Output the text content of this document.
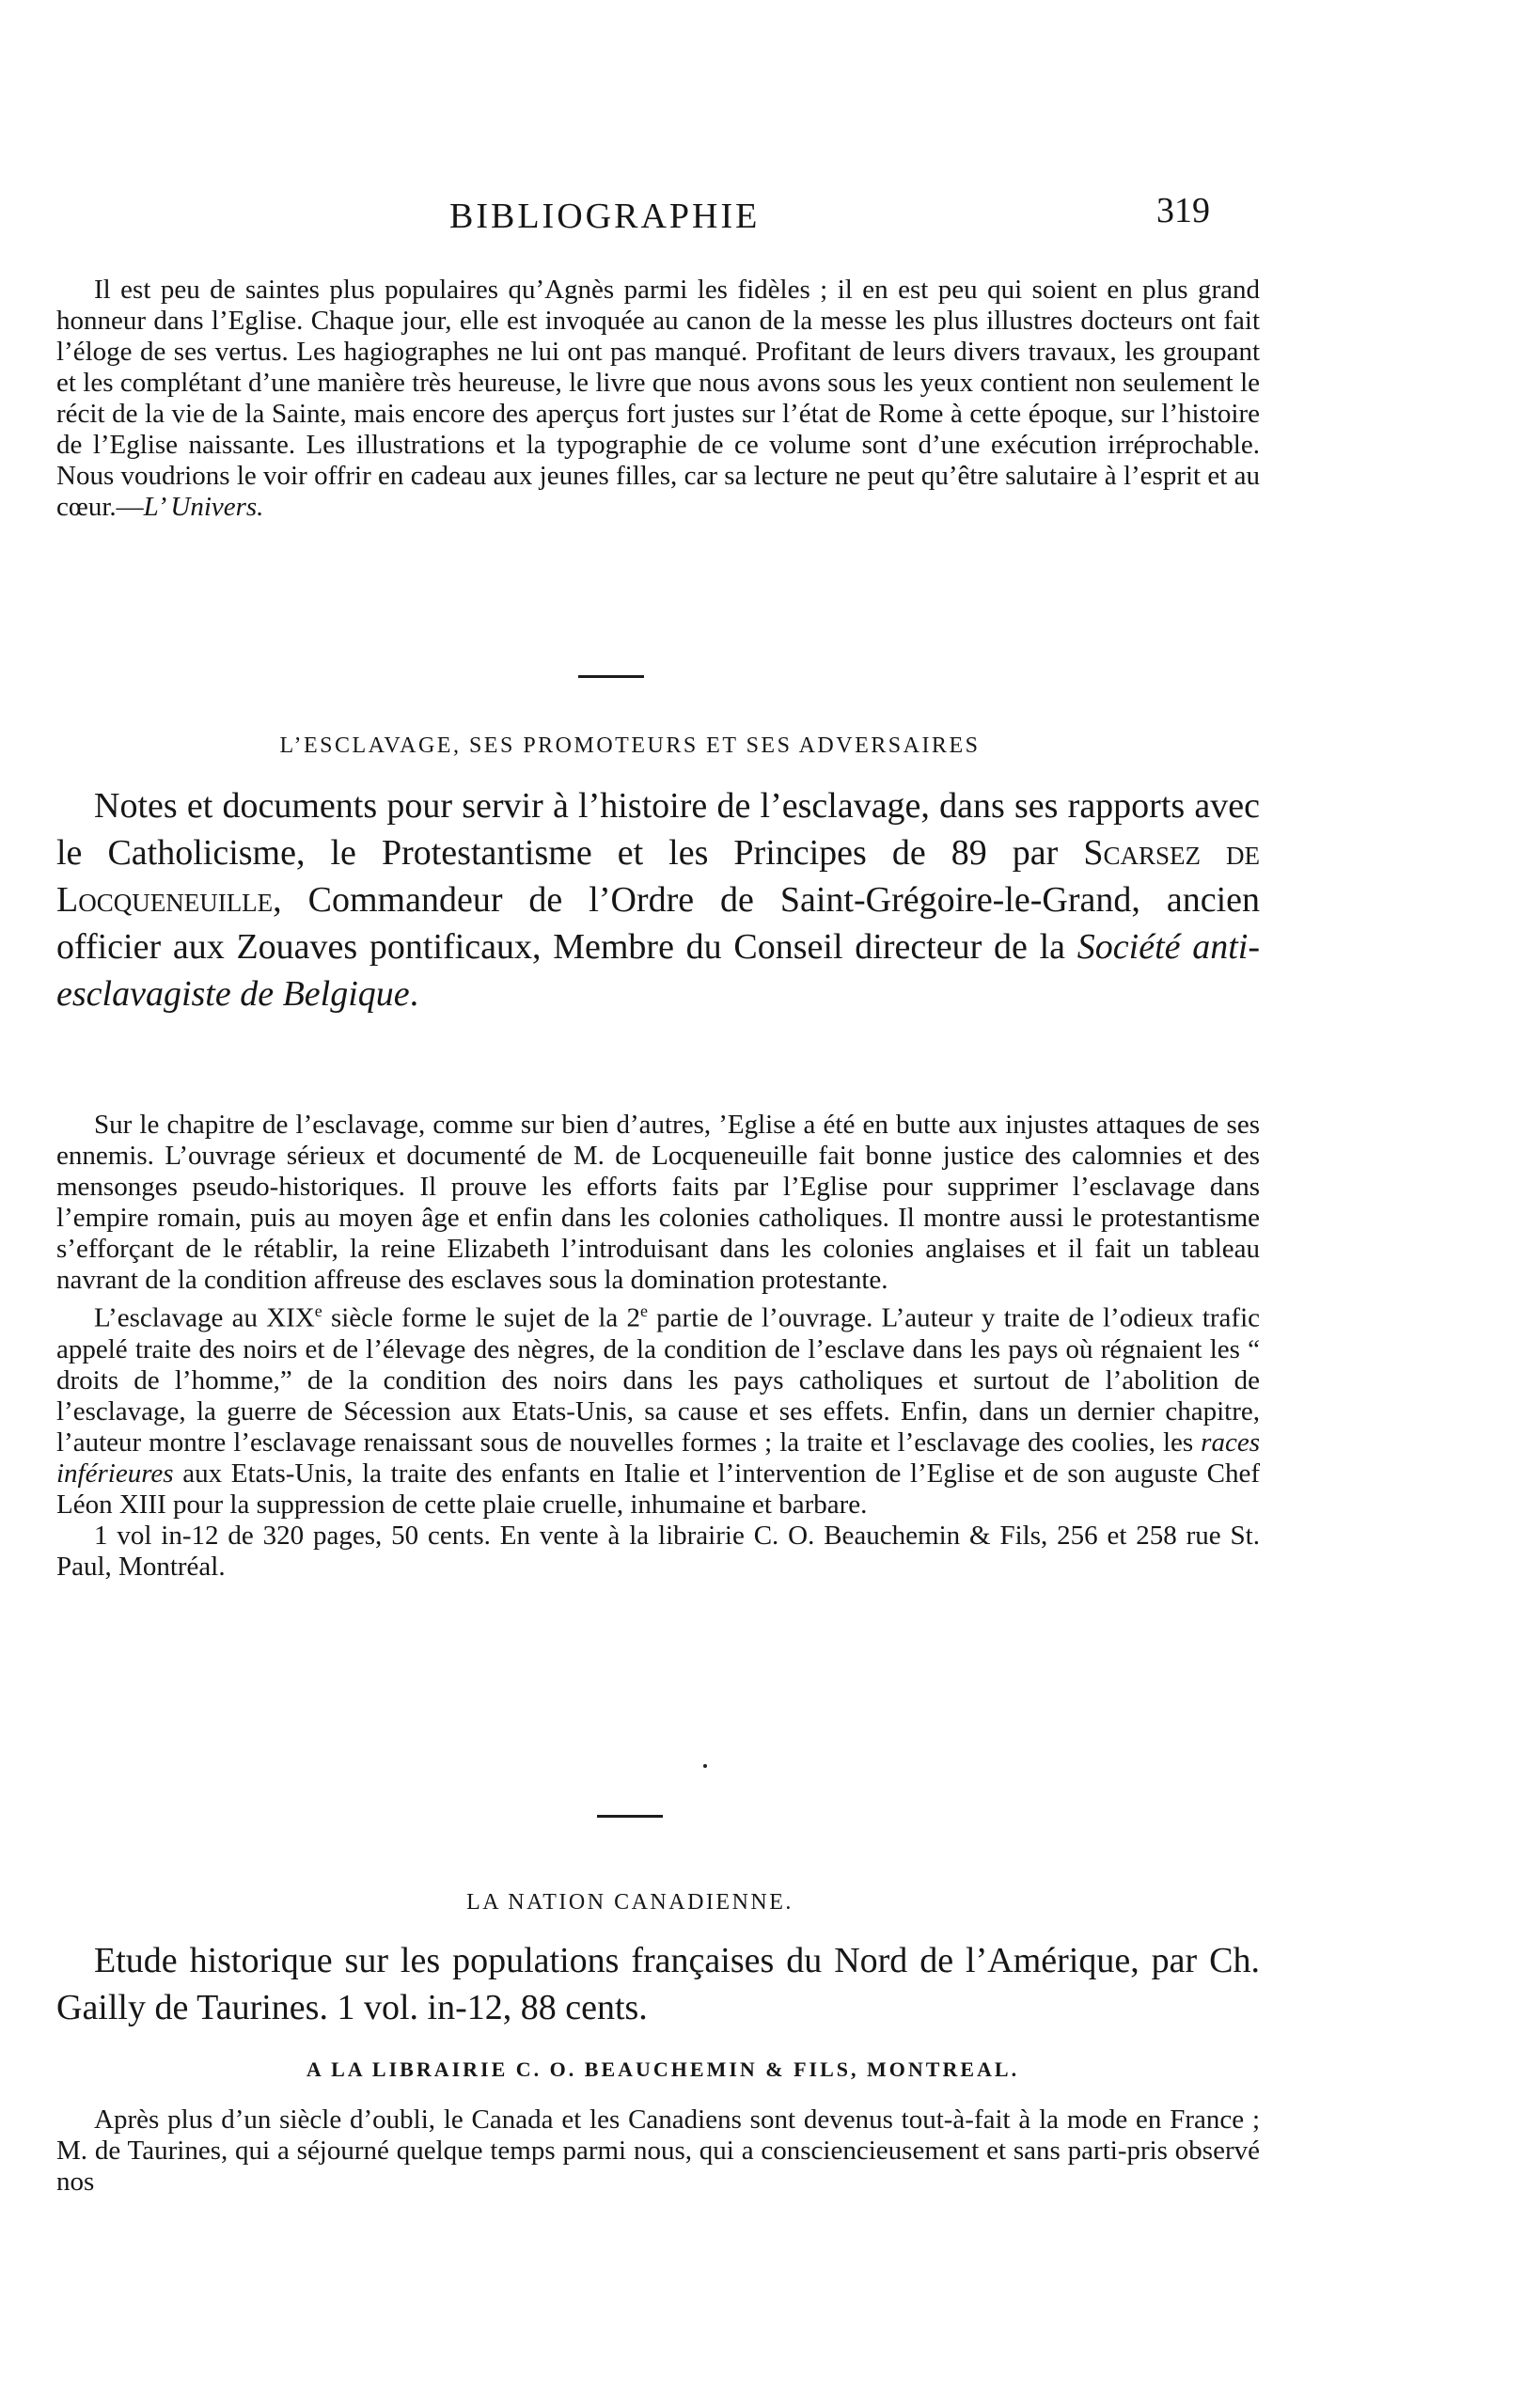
BIBLIOGRAPHIE	319

Il est peu de saintes plus populaires qu’Agnès parmi les fidèles ; il en est peu qui soient en plus grand honneur dans l’Eglise. Chaque jour, elle est invoquée au canon de la messe les plus illustres docteurs ont fait l’éloge de ses vertus. Les hagiographes ne lui ont pas manqué. Profitant de leurs divers travaux, les groupant et les complétant d’une manière très heureuse, le livre que nous avons sous les yeux contient non seulement le récit de la vie de la Sainte, mais encore des aperçus fort justes sur l’état de Rome à cette époque, sur l’histoire de l’Eglise naissante. Les illustrations et la typographie de ce volume sont d’une exécution irréprochable. Nous voudrions le voir offrir en cadeau aux jeunes filles, car sa lecture ne peut qu’être salutaire à l’esprit et au cœur.—L’ Univers.

L’ESCLAVAGE, SES PROMOTEURS ET SES ADVERSAIRES

Notes et documents pour servir à l’histoire de l’esclavage, dans ses rapports avec le Catholicisme, le Protestantisme et les Principes de 89 par Scarsez de Locqueneuille, Commandeur de l’Ordre de Saint-Grégoire-le-Grand, ancien officier aux Zouaves pontificaux, Membre du Conseil directeur de la Société anti-esclavagiste de Belgique.

Sur le chapitre de l’esclavage, comme sur bien d’autres, ’Eglise a été en butte aux injustes attaques de ses ennemis. L’ouvrage sérieux et documenté de M. de Locqueneuille fait bonne justice des calomnies et des mensonges pseudo-historiques. Il prouve les efforts faits par l’Eglise pour supprimer l’esclavage dans l’empire romain, puis au moyen âge et enfin dans les colonies catholiques. Il montre aussi le protestantisme s’efforçant de le rétablir, la reine Elizabeth l’introduisant dans les colonies anglaises et il fait un tableau navrant de la condition affreuse des esclaves sous la domination protestante.

L’esclavage au XIXe siècle forme le sujet de la 2e partie de l’ouvrage. L’auteur y traite de l’odieux trafic appelé traite des noirs et de l’élevage des nègres, de la condition de l’esclave dans les pays où régnaient les “ droits de l’homme,” de la condition des noirs dans les pays catholiques et surtout de l’abolition de l’esclavage, la guerre de Sécession aux Etats-Unis, sa cause et ses effets. Enfin, dans un dernier chapitre, l’auteur montre l’esclavage renaissant sous de nouvelles formes ; la traite et l’esclavage des coolies, les races inférieures aux Etats-Unis, la traite des enfants en Italie et l’intervention de l’Eglise et de son auguste Chef Léon XIII pour la suppression de cette plaie cruelle, inhumaine et barbare.

1 vol in-12 de 320 pages, 50 cents. En vente à la librairie C. O. Beauchemin & Fils, 256 et 258 rue St. Paul, Montréal.

LA NATION CANADIENNE.

Etude historique sur les populations françaises du Nord de l’Amérique, par Ch. Gailly de Taurines. 1 vol. in-12, 88 cents.

A LA LIBRAIRIE C. O. BEAUCHEMIN & FILS, MONTREAL.

Après plus d’un siècle d’oubli, le Canada et les Canadiens sont devenus tout-à-fait à la mode en France ; M. de Taurines, qui a séjourné quelque temps parmi nous, qui a consciencieusement et sans parti-pris observé nos
